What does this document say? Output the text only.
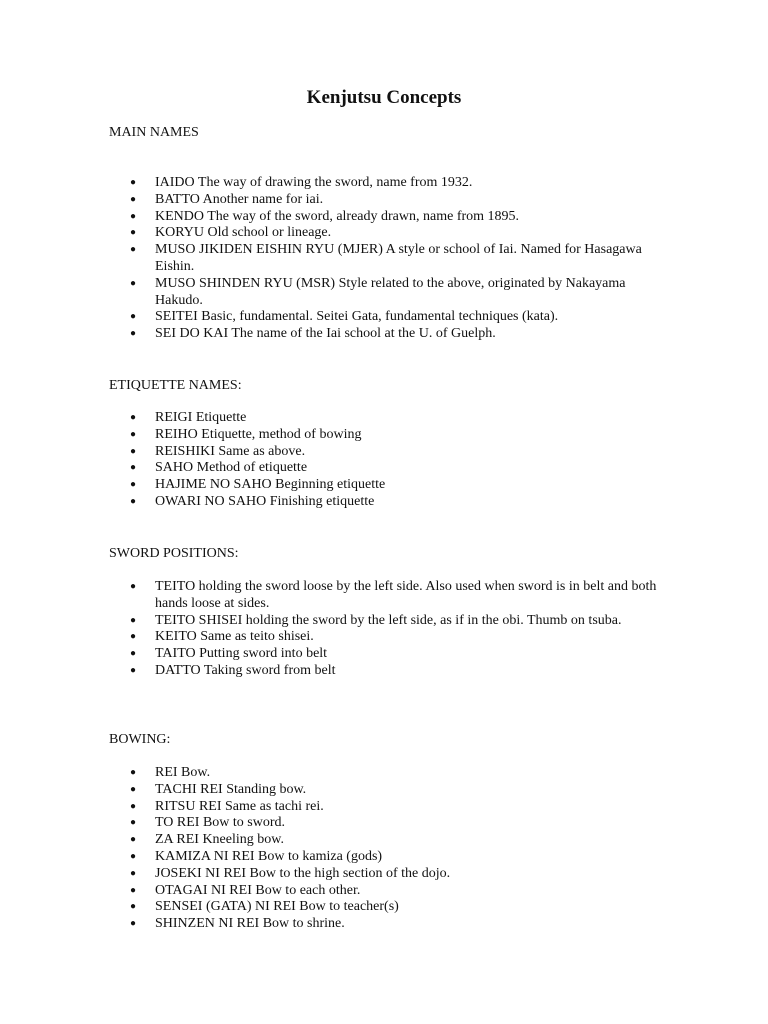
Kenjutsu Concepts

MAIN NAMES

● IAIDO The way of drawing the sword, name from 1932.
● BATTO Another name for iai.
● KENDO The way of the sword, already drawn, name from 1895.
● KORYU Old school or lineage.
● MUSO JIKIDEN EISHIN RYU (MJER) A style or school of Iai. Named for Hasagawa Eishin.
● MUSO SHINDEN RYU (MSR) Style related to the above, originated by Nakayama Hakudo.
● SEITEI Basic, fundamental. Seitei Gata, fundamental techniques (kata).
● SEI DO KAI The name of the Iai school at the U. of Guelph.

ETIQUETTE NAMES:

● REIGI Etiquette
● REIHO Etiquette, method of bowing
● REISHIKI Same as above.
● SAHO Method of etiquette
● HAJIME NO SAHO Beginning etiquette
● OWARI NO SAHO Finishing etiquette

SWORD POSITIONS:

● TEITO holding the sword loose by the left side. Also used when sword is in belt and both hands loose at sides.
● TEITO SHISEI holding the sword by the left side, as if in the obi. Thumb on tsuba.
● KEITO Same as teito shisei.
● TAITO Putting sword into belt
● DATTO Taking sword from belt

BOWING:

● REI Bow.
● TACHI REI Standing bow.
● RITSU REI Same as tachi rei.
● TO REI Bow to sword.
● ZA REI Kneeling bow.
● KAMIZA NI REI Bow to kamiza (gods)
● JOSEKI NI REI Bow to the high section of the dojo.
● OTAGAI NI REI Bow to each other.
● SENSEI (GATA) NI REI Bow to teacher(s)
● SHINZEN NI REI Bow to shrine.
